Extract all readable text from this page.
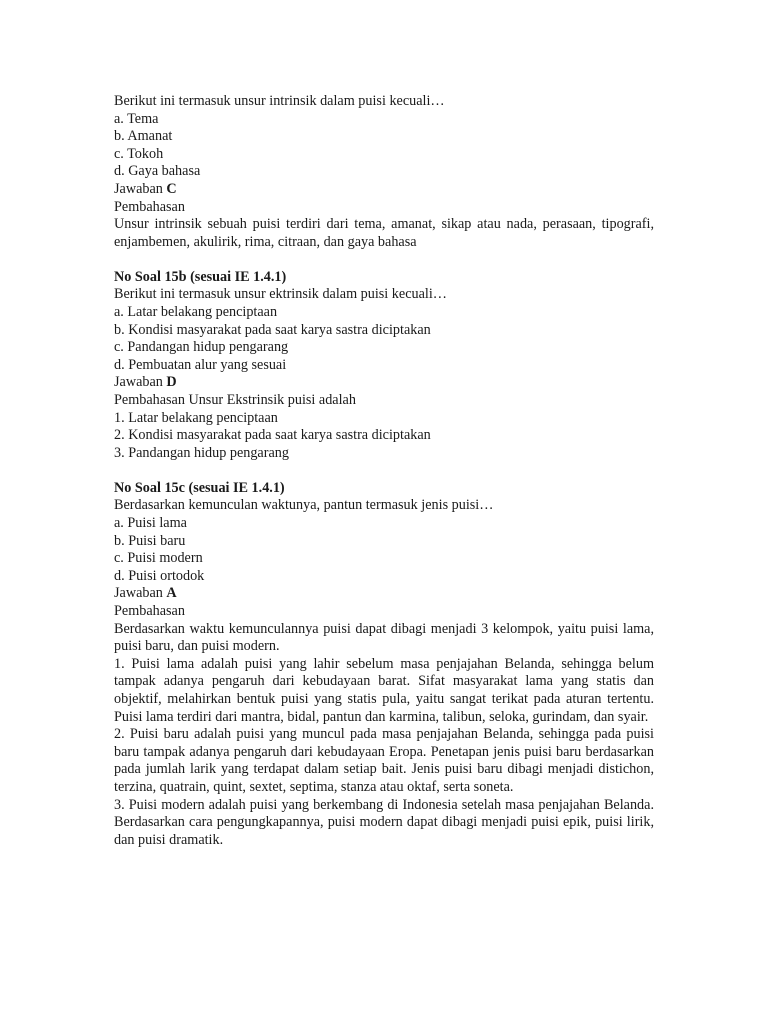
Berikut ini termasuk unsur intrinsik dalam puisi kecuali…
a. Tema
b. Amanat
c. Tokoh
d. Gaya bahasa
Jawaban C
Pembahasan
Unsur intrinsik sebuah puisi terdiri dari tema, amanat, sikap atau nada, perasaan, tipografi, enjambemen, akulirik, rima, citraan, dan gaya bahasa
No Soal 15b (sesuai IE 1.4.1)
Berikut ini termasuk unsur ektrinsik dalam puisi kecuali…
a. Latar belakang penciptaan
b. Kondisi masyarakat pada saat karya sastra diciptakan
c. Pandangan hidup pengarang
d. Pembuatan alur yang sesuai
Jawaban D
Pembahasan Unsur Ekstrinsik puisi adalah
1. Latar belakang penciptaan
2. Kondisi masyarakat pada saat karya sastra diciptakan
3. Pandangan hidup pengarang
No Soal 15c (sesuai IE 1.4.1)
Berdasarkan kemunculan waktunya, pantun termasuk jenis puisi…
a. Puisi lama
b. Puisi baru
c. Puisi modern
d. Puisi ortodok
Jawaban A
Pembahasan
Berdasarkan waktu kemunculannya puisi dapat dibagi menjadi 3 kelompok, yaitu puisi lama, puisi baru, dan puisi modern.
1. Puisi lama adalah puisi yang lahir sebelum masa penjajahan Belanda, sehingga belum tampak adanya pengaruh dari kebudayaan barat. Sifat masyarakat lama yang statis dan objektif, melahirkan bentuk puisi yang statis pula, yaitu sangat terikat pada aturan tertentu. Puisi lama terdiri dari mantra, bidal, pantun dan karmina, talibun, seloka, gurindam, dan syair.
2. Puisi baru adalah puisi yang muncul pada masa penjajahan Belanda, sehingga pada puisi baru tampak adanya pengaruh dari kebudayaan Eropa. Penetapan jenis puisi baru berdasarkan pada jumlah larik yang terdapat dalam setiap bait. Jenis puisi baru dibagi menjadi distichon, terzina, quatrain, quint, sextet, septima, stanza atau oktaf, serta soneta.
3. Puisi modern adalah puisi yang berkembang di Indonesia setelah masa penjajahan Belanda. Berdasarkan cara pengungkapannya, puisi modern dapat dibagi menjadi puisi epik, puisi lirik, dan puisi dramatik.
